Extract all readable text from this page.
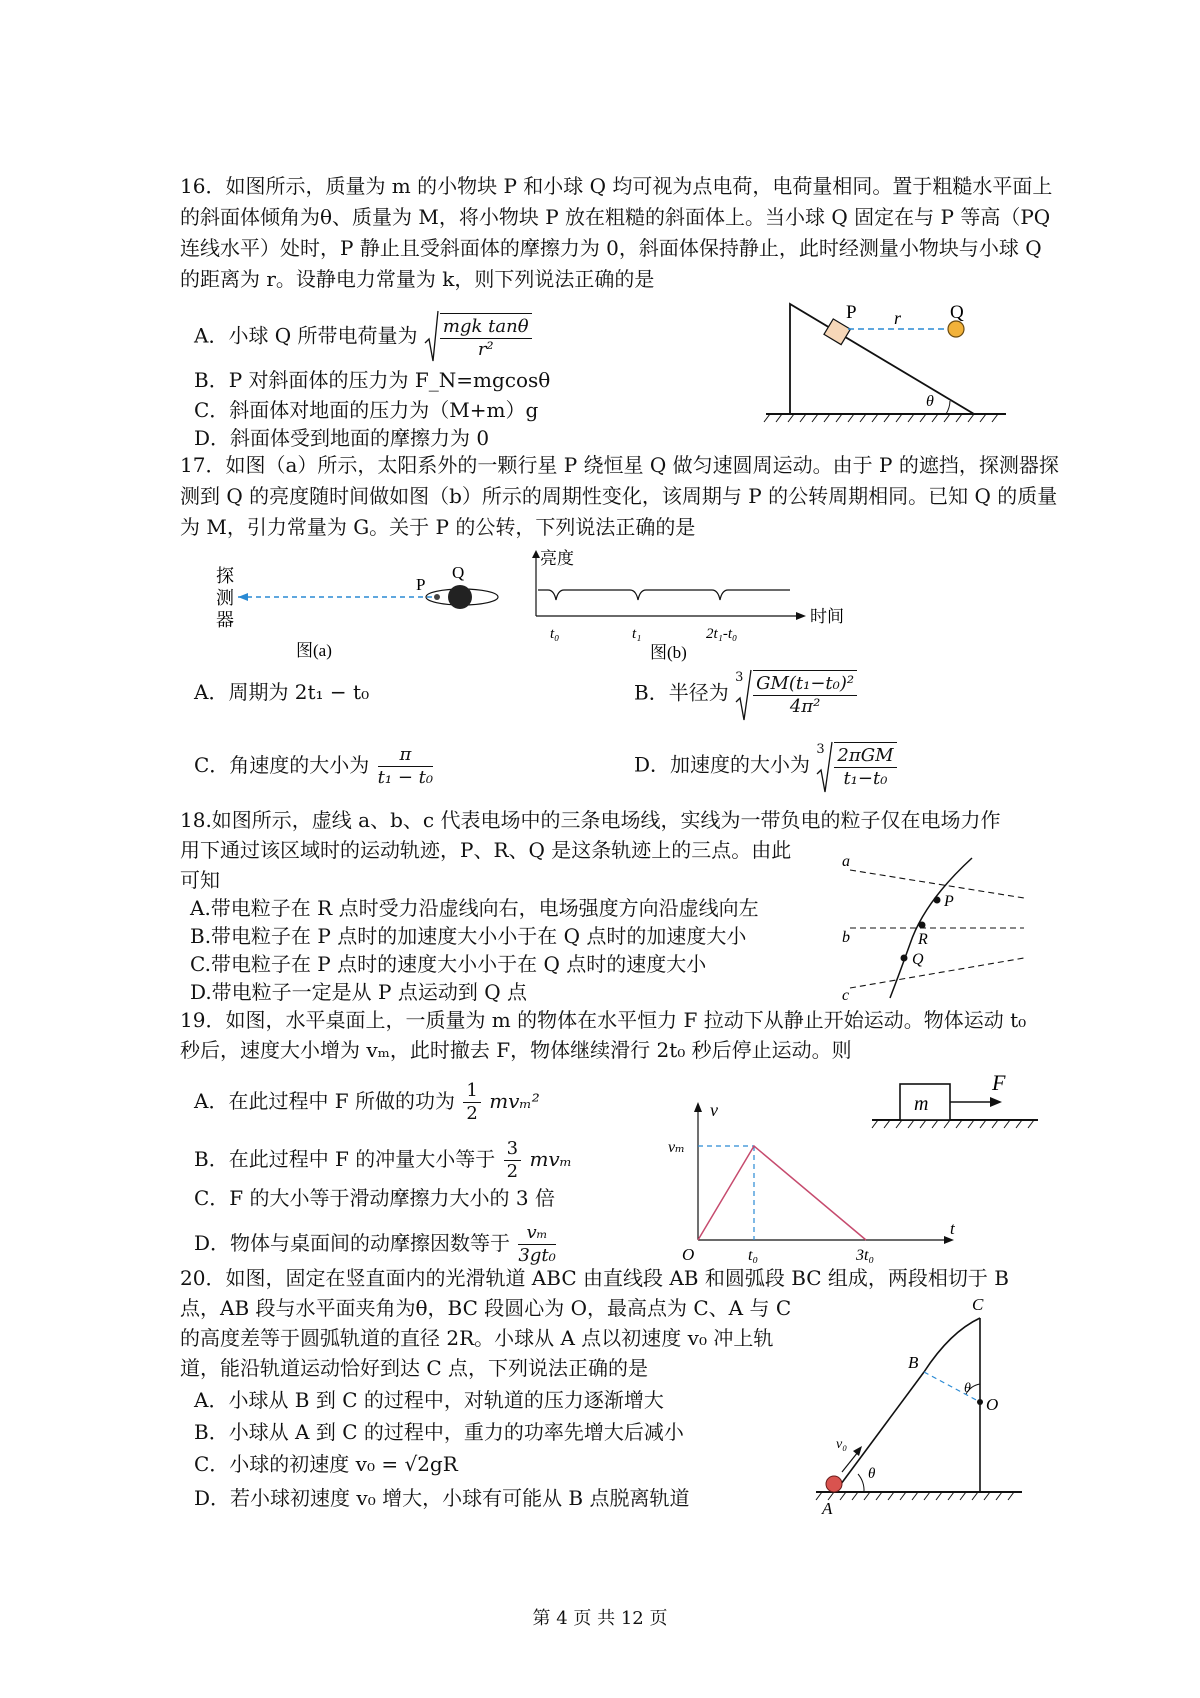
16．如图所示，质量为 m 的小物块 P 和小球 Q 均可视为点电荷，电荷量相同。置于粗糙水平面上的斜面体倾角为θ、质量为 M，将小物块 P 放在粗糙的斜面体上。当小球 Q 固定在与 P 等高（PQ 连线水平）处时，P 静止且受斜面体的摩擦力为 0，斜面体保持静止，此时经测量小物块与小球 Q 的距离为 r。设静电力常量为 k，则下列说法正确的是
A．小球 Q 所带电荷量为 $\frac{\text{mgk tanθ}}{\text{r²}}$
B．P 对斜面体的压力为 F_N=mgcosθ
C．斜面体对地面的压力为（M+m）g
D．斜面体受到地面的摩擦力为 0
P	Q
r
θ
17．如图（a）所示，太阳系外的一颗行星 P 绕恒星 Q 做匀速圆周运动。由于 P 的遮挡，探测器探测到 Q 的亮度随时间做如图（b）所示的周期性变化，该周期与 P 的公转周期相同。已知 Q 的质量为 M，引力常量为 G。关于 P 的公转，下列说法正确的是
探
测
器
P
Q
图(a)
亮度
时间
t₀	t₁	2t₁-t₀
图(b)
A．周期为 2t₁ − t₀	B．半径为
$3 \frac{\text{GM(t₁−t₀)²}}{\text{4π²}}$
C．角速度的大小为 $\frac{\pi}{\text{t₁ − t₀}}$	D．加速度的大小为
$3 \frac{\text{2πGM}}{\text{t₁−t₀}}$
18.如图所示，虚线 a、b、c 代表电场中的三条电场线，实线为一带负电的粒子仅在电场力作
用下通过该区域时的运动轨迹，P、R、Q 是这条轨迹上的三点。由此
可知
A.带电粒子在 R 点时受力沿虚线向右，电场强度方向沿虚线向左
B.带电粒子在 P 点时的加速度大小小于在 Q 点时的加速度大小
C.带电粒子在 P 点时的速度大小小于在 Q 点时的速度大小
D.带电粒子一定是从 P 点运动到 Q 点
a
b
c
P
R
Q
19．如图，水平桌面上，一质量为 m 的物体在水平恒力 F 拉动下从静止开始运动。物体运动 t₀
秒后，速度大小增为 vₘ，此时撤去 F，物体继续滑行 2t₀ 秒后停止运动。则
A．在此过程中 F 所做的功为 $\frac{1}{2} mv_m^2$
B．在此过程中 F 的冲量大小等于 $\frac{3}{2}$ mvₘ
C．F 的大小等于滑动摩擦力大小的 3 倍
D．物体与桌面间的动摩擦因数等于 $\frac{\text{vₘ}}{\text{3gt₀}}$
m
F
v
vₘ
O	t₀	3t₀
t
20．如图，固定在竖直面内的光滑轨道 ABC 由直线段 AB 和圆弧段 BC 组成，两段相切于 B
点，AB 段与水平面夹角为θ，BC 段圆心为 O，最高点为 C、A 与 C
的高度差等于圆弧轨道的直径 2R。小球从 A 点以初速度 v₀ 冲上轨
道，能沿轨道运动恰好到达 C 点，下列说法正确的是
A．小球从 B 到 C 的过程中，对轨道的压力逐渐增大
B．小球从 A 到 C 的过程中，重力的功率先增大后减小
C．小球的初速度 v₀ = √2gR
D．若小球初速度 v₀ 增大，小球有可能从 B 点脱离轨道
C
B
O
A
θ
θ
v₀
第 4 页 共 12 页
